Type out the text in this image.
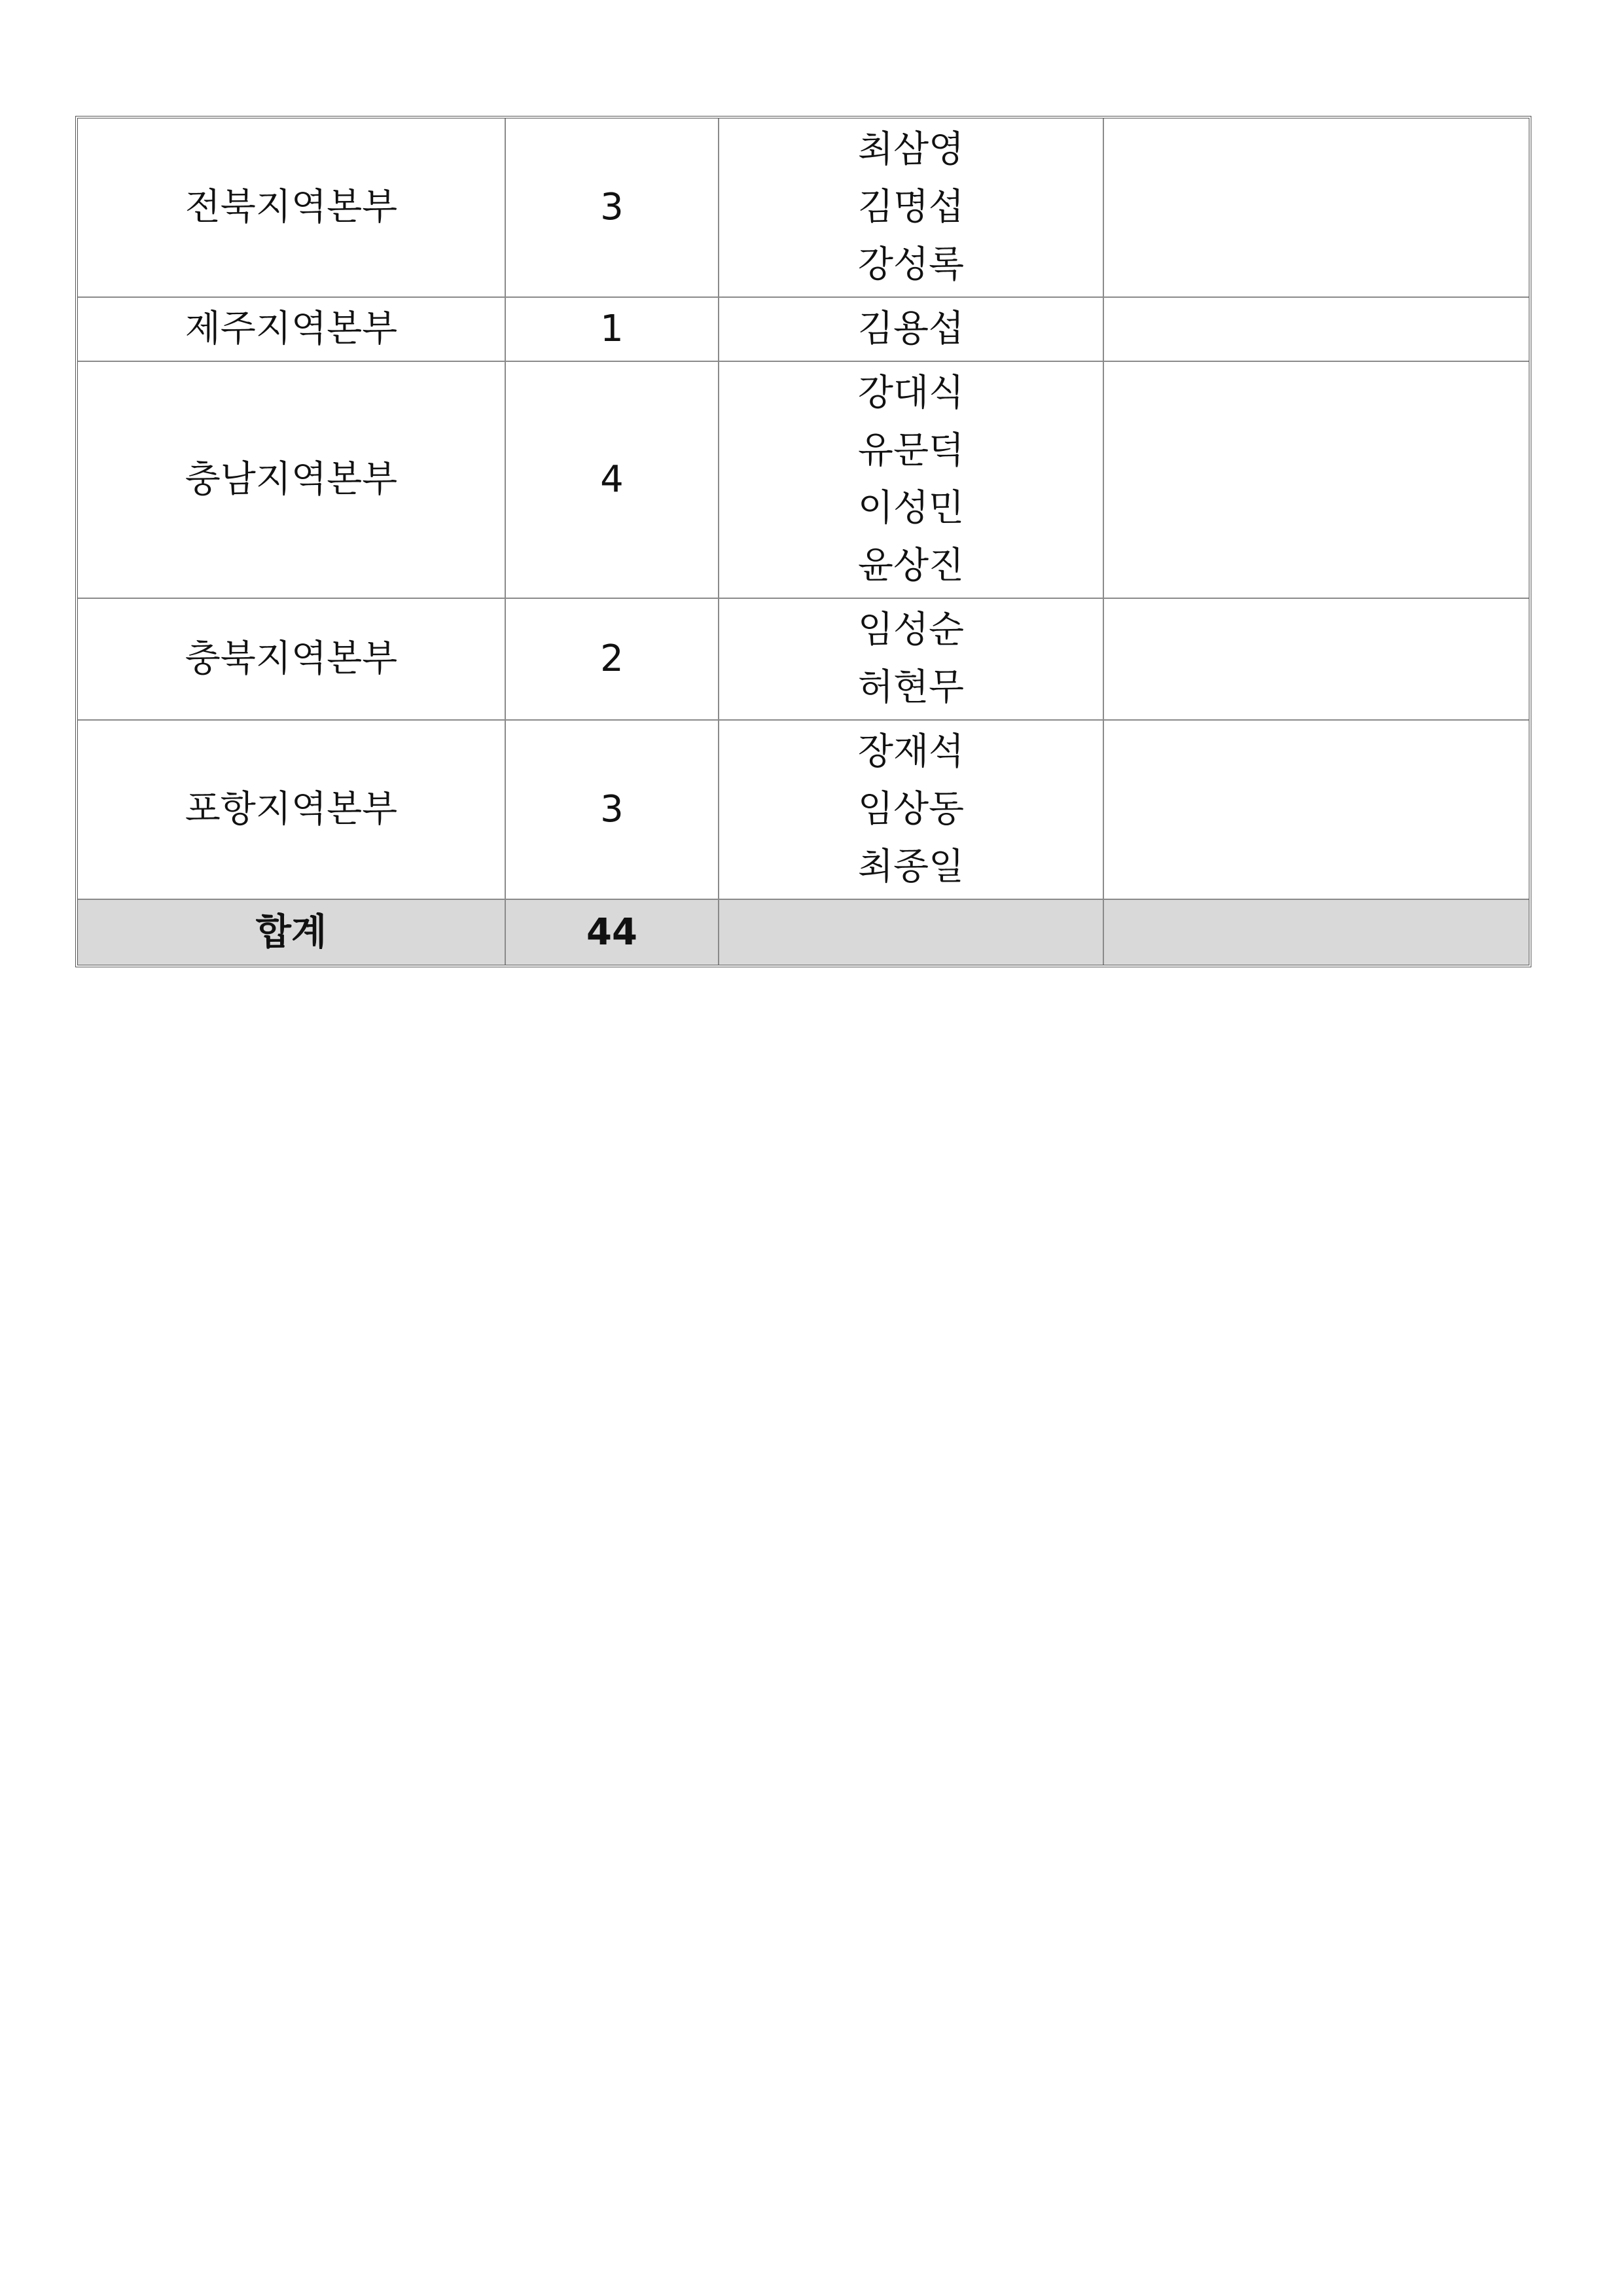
전북지역본부	3	최삼영
김명섭
강성록	

제주지역본부	1	김용섭	

충남지역본부	4	강대식
유문덕
이성민
윤상진	

충북지역본부	2	임성순
허현무	

포항지역본부	3	장재석
임상동
최종일	

합계	44		
